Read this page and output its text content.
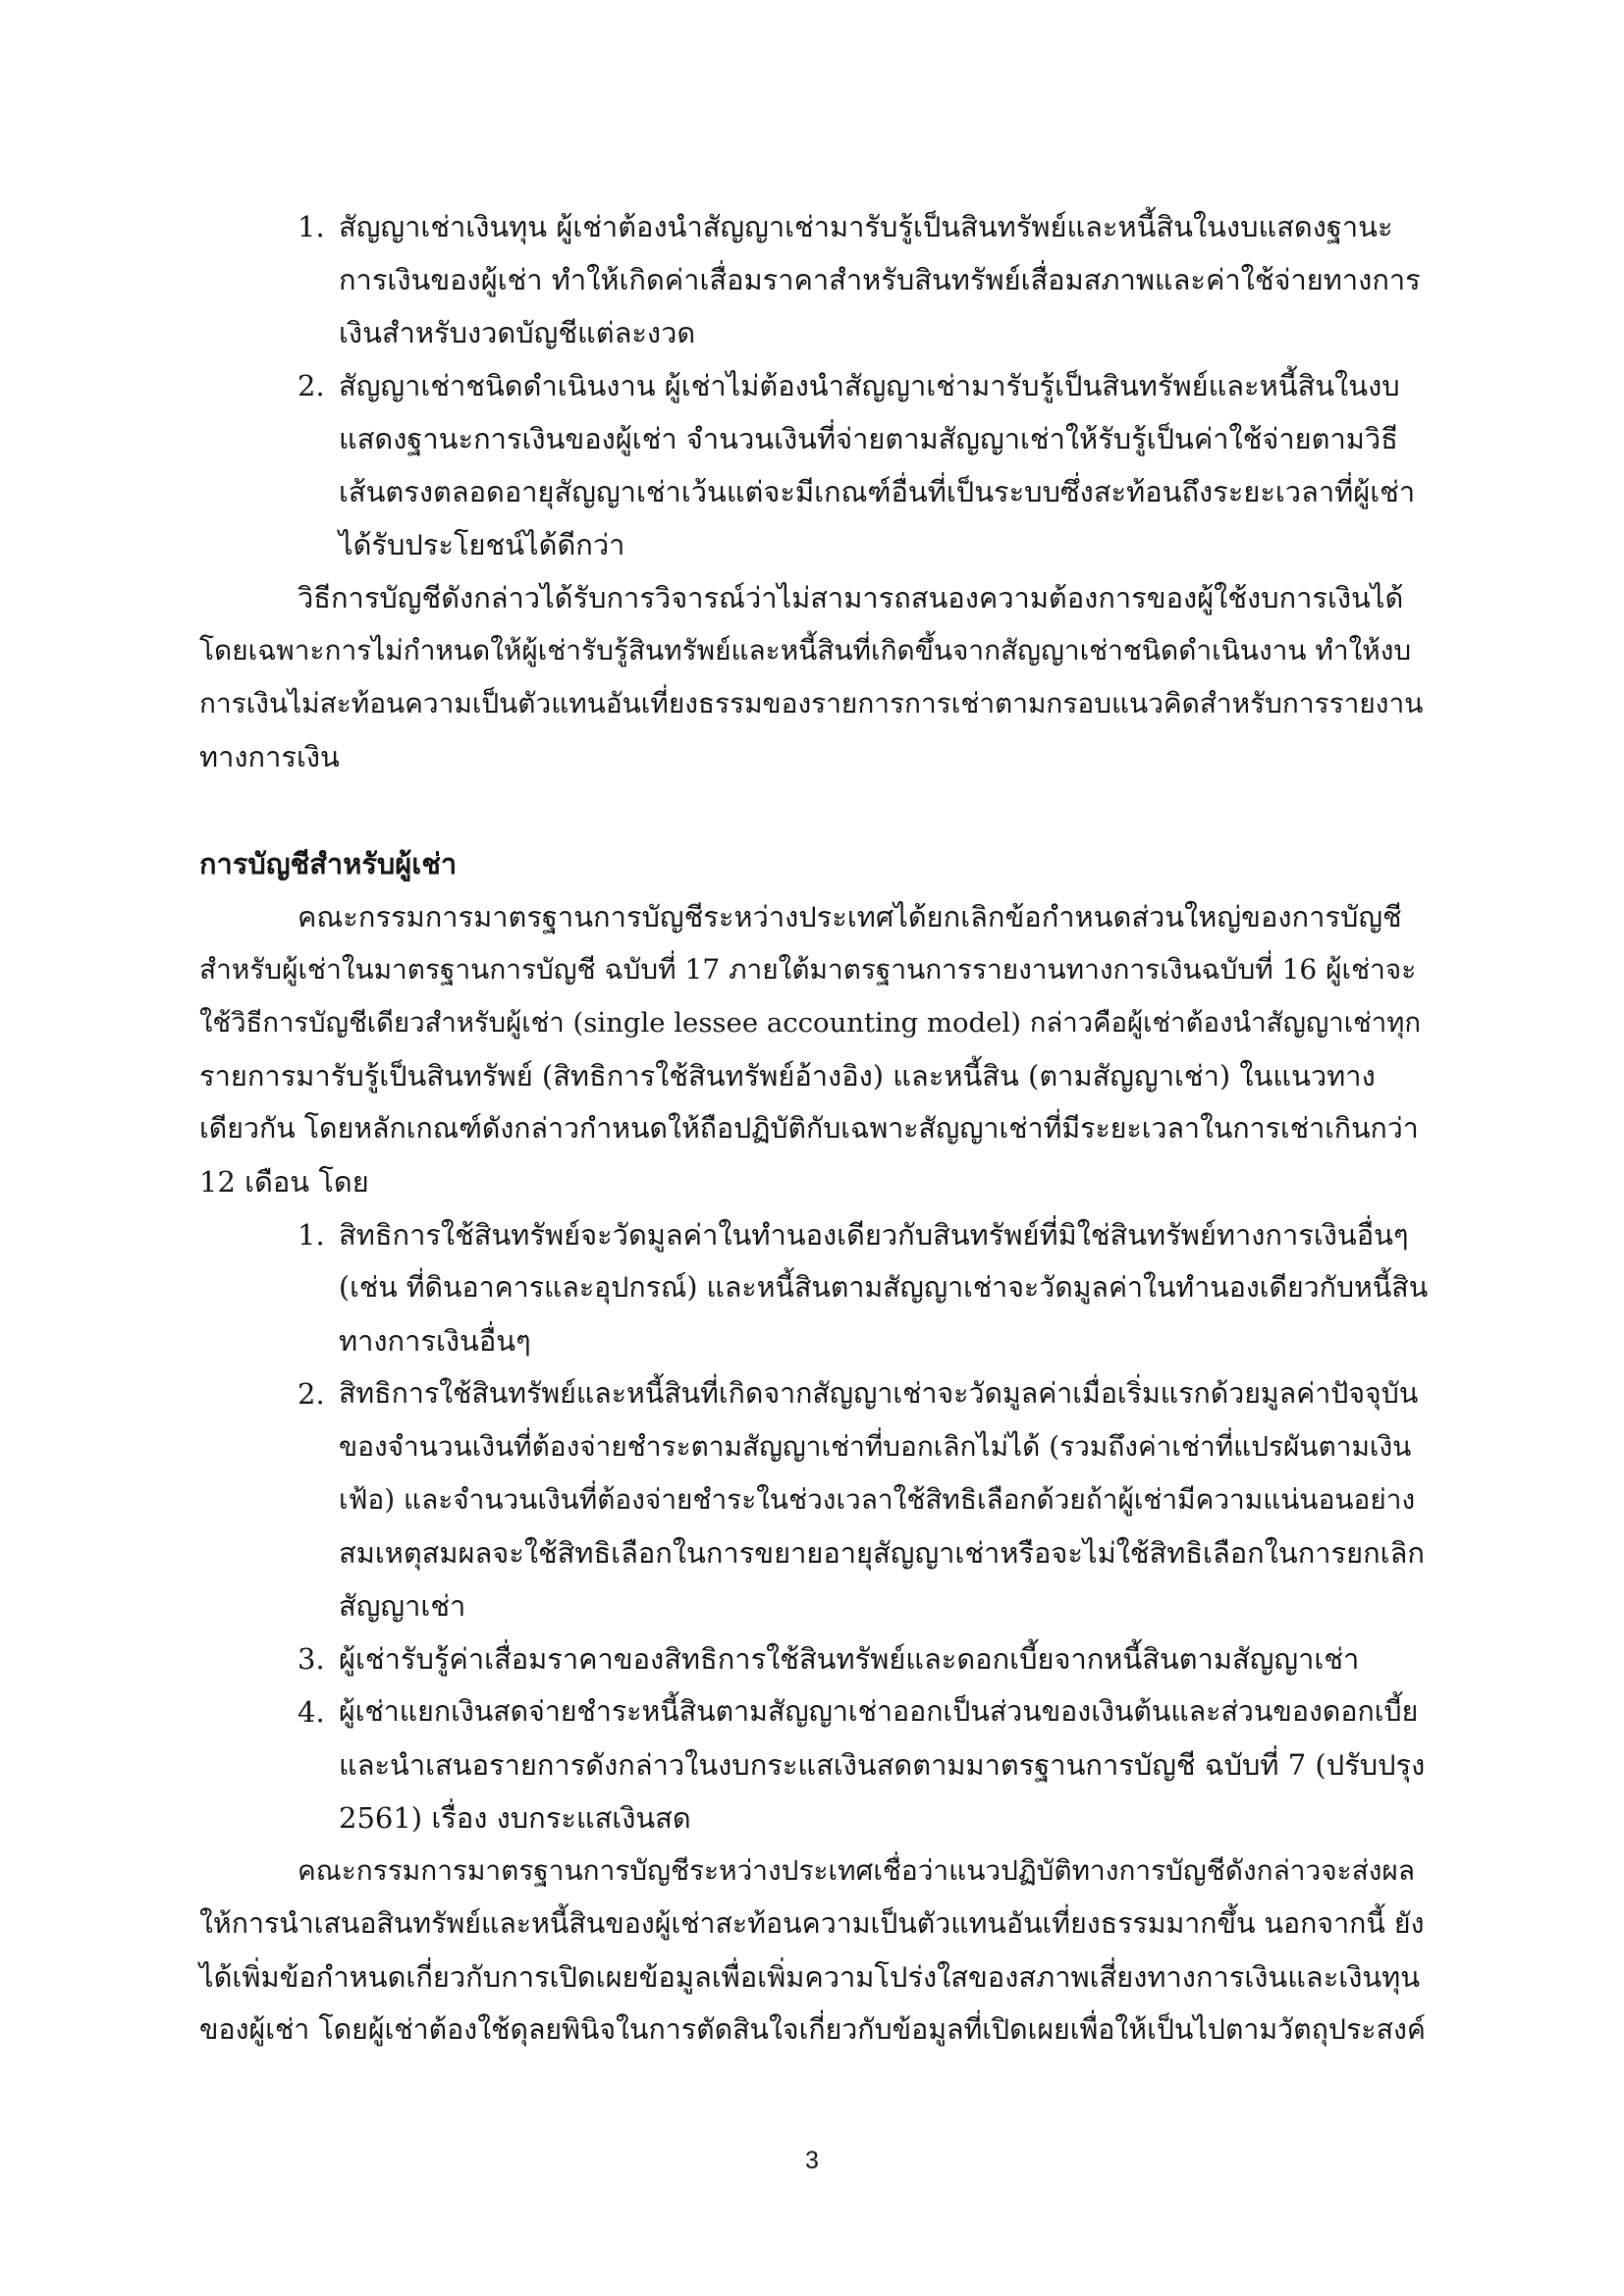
1. สัญญาเช่าเงินทุน ผู้เช่าต้องนำสัญญาเช่ามารับรู้เป็นสินทรัพย์และหนี้สินในงบแสดงฐานะ
การเงินของผู้เช่า ทำให้เกิดค่าเสื่อมราคาสำหรับสินทรัพย์เสื่อมสภาพและค่าใช้จ่ายทางการ
เงินสำหรับงวดบัญชีแต่ละงวด
2. สัญญาเช่าชนิดดำเนินงาน ผู้เช่าไม่ต้องนำสัญญาเช่ามารับรู้เป็นสินทรัพย์และหนี้สินในงบ
แสดงฐานะการเงินของผู้เช่า จำนวนเงินที่จ่ายตามสัญญาเช่าให้รับรู้เป็นค่าใช้จ่ายตามวิธี
เส้นตรงตลอดอายุสัญญาเช่าเว้นแต่จะมีเกณฑ์อื่นที่เป็นระบบซึ่งสะท้อนถึงระยะเวลาที่ผู้เช่า
ได้รับประโยชน์ได้ดีกว่า
วิธีการบัญชีดังกล่าวได้รับการวิจารณ์ว่าไม่สามารถสนองความต้องการของผู้ใช้งบการเงินได้
โดยเฉพาะการไม่กำหนดให้ผู้เช่ารับรู้สินทรัพย์และหนี้สินที่เกิดขึ้นจากสัญญาเช่าชนิดดำเนินงาน ทำให้งบ
การเงินไม่สะท้อนความเป็นตัวแทนอันเที่ยงธรรมของรายการการเช่าตามกรอบแนวคิดสำหรับการรายงาน
ทางการเงิน
การบัญชีสำหรับผู้เช่า
คณะกรรมการมาตรฐานการบัญชีระหว่างประเทศได้ยกเลิกข้อกำหนดส่วนใหญ่ของการบัญชี
สำหรับผู้เช่าในมาตรฐานการบัญชี ฉบับที่ 17 ภายใต้มาตรฐานการรายงานทางการเงินฉบับที่ 16 ผู้เช่าจะ
ใช้วิธีการบัญชีเดียวสำหรับผู้เช่า (single lessee accounting model) กล่าวคือผู้เช่าต้องนำสัญญาเช่าทุก
รายการมารับรู้เป็นสินทรัพย์ (สิทธิการใช้สินทรัพย์อ้างอิง) และหนี้สิน (ตามสัญญาเช่า) ในแนวทาง
เดียวกัน โดยหลักเกณฑ์ดังกล่าวกำหนดให้ถือปฏิบัติกับเฉพาะสัญญาเช่าที่มีระยะเวลาในการเช่าเกินกว่า
12 เดือน โดย
1. สิทธิการใช้สินทรัพย์จะวัดมูลค่าในทำนองเดียวกับสินทรัพย์ที่มิใช่สินทรัพย์ทางการเงินอื่นๆ
(เช่น ที่ดินอาคารและอุปกรณ์) และหนี้สินตามสัญญาเช่าจะวัดมูลค่าในทำนองเดียวกับหนี้สิน
ทางการเงินอื่นๆ
2. สิทธิการใช้สินทรัพย์และหนี้สินที่เกิดจากสัญญาเช่าจะวัดมูลค่าเมื่อเริ่มแรกด้วยมูลค่าปัจจุบัน
ของจำนวนเงินที่ต้องจ่ายชำระตามสัญญาเช่าที่บอกเลิกไม่ได้ (รวมถึงค่าเช่าที่แปรผันตามเงิน
เฟ้อ) และจำนวนเงินที่ต้องจ่ายชำระในช่วงเวลาใช้สิทธิเลือกด้วยถ้าผู้เช่ามีความแน่นอนอย่าง
สมเหตุสมผลจะใช้สิทธิเลือกในการขยายอายุสัญญาเช่าหรือจะไม่ใช้สิทธิเลือกในการยกเลิก
สัญญาเช่า
3. ผู้เช่ารับรู้ค่าเสื่อมราคาของสิทธิการใช้สินทรัพย์และดอกเบี้ยจากหนี้สินตามสัญญาเช่า
4. ผู้เช่าแยกเงินสดจ่ายชำระหนี้สินตามสัญญาเช่าออกเป็นส่วนของเงินต้นและส่วนของดอกเบี้ย
และนำเสนอรายการดังกล่าวในงบกระแสเงินสดตามมาตรฐานการบัญชี ฉบับที่ 7 (ปรับปรุง
2561) เรื่อง งบกระแสเงินสด
คณะกรรมการมาตรฐานการบัญชีระหว่างประเทศเชื่อว่าแนวปฏิบัติทางการบัญชีดังกล่าวจะส่งผล
ให้การนำเสนอสินทรัพย์และหนี้สินของผู้เช่าสะท้อนความเป็นตัวแทนอันเที่ยงธรรมมากขึ้น นอกจากนี้ ยัง
ได้เพิ่มข้อกำหนดเกี่ยวกับการเปิดเผยข้อมูลเพื่อเพิ่มความโปร่งใสของสภาพเสี่ยงทางการเงินและเงินทุน
ของผู้เช่า โดยผู้เช่าต้องใช้ดุลยพินิจในการตัดสินใจเกี่ยวกับข้อมูลที่เปิดเผยเพื่อให้เป็นไปตามวัตถุประสงค์
3
